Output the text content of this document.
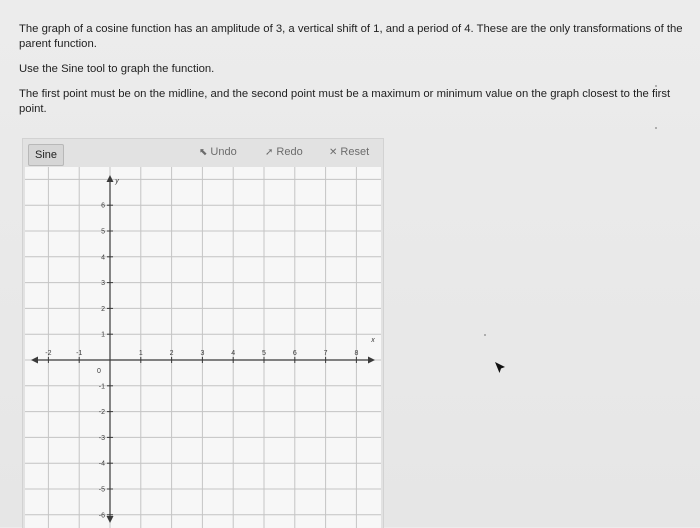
The graph of a cosine function has an amplitude of 3, a vertical shift of 1, and a period of 4. These are the only transformations of the parent function.

Use the Sine tool to graph the function.

The first point must be on the midline, and the second point must be a maximum or minimum value on the graph closest to the first point.

Sine	⬉ Undo	➚ Redo	✕ Reset
-2	-1	1	2	3	4	5	6	7	8
6
5
4
3
2
1
-1
-2
-3
-4
-5
-6
0
x
y
